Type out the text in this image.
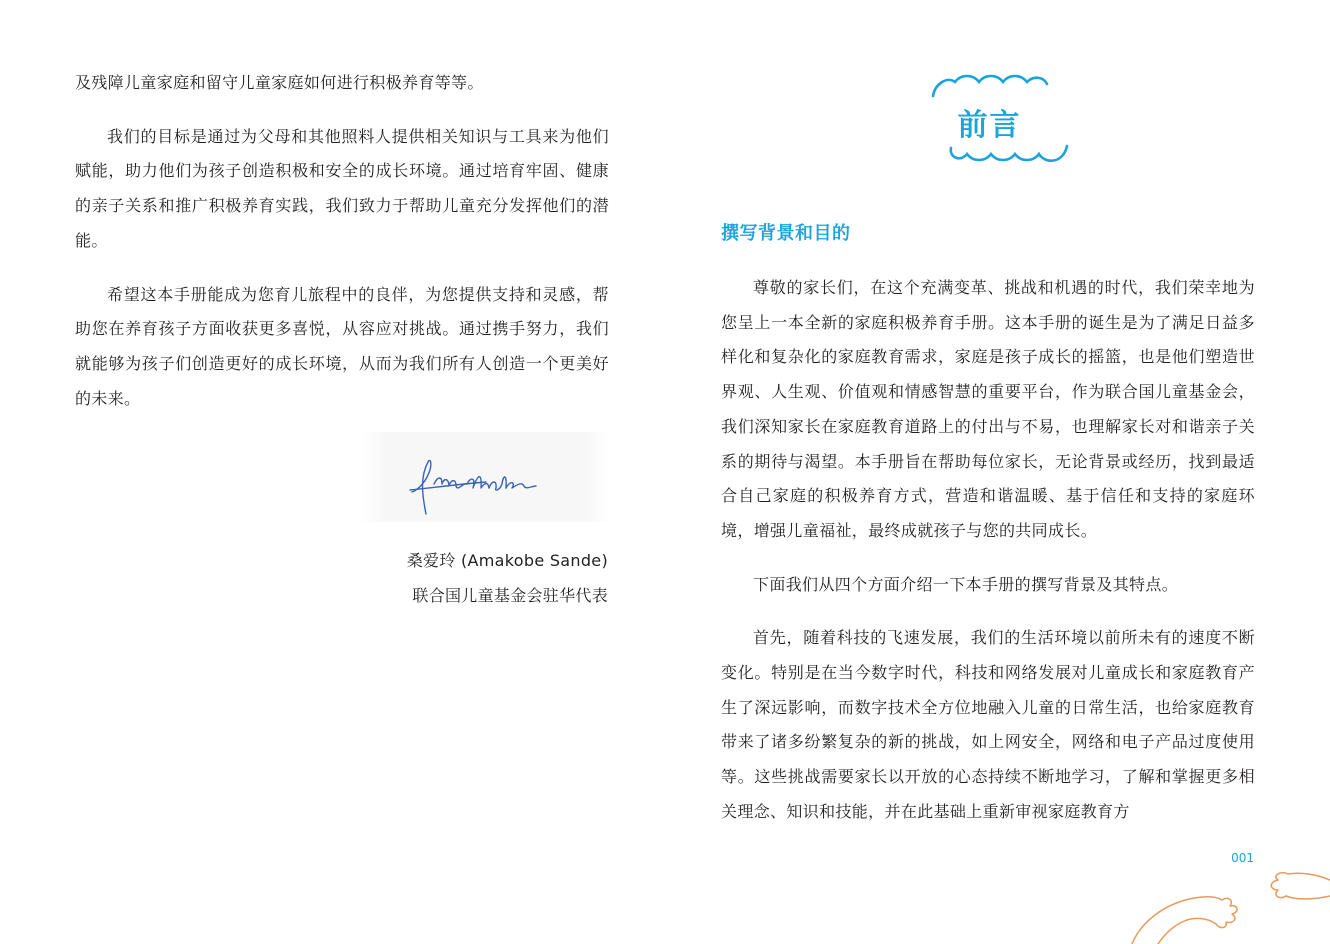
及残障儿童家庭和留守儿童家庭如何进行积极养育等等。

我们的目标是通过为父母和其他照料人提供相关知识与工具来为他们赋能，助力他们为孩子创造积极和安全的成长环境。通过培育牢固、健康的亲子关系和推广积极养育实践，我们致力于帮助儿童充分发挥他们的潜能。

希望这本手册能成为您育儿旅程中的良伴，为您提供支持和灵感，帮助您在养育孩子方面收获更多喜悦，从容应对挑战。通过携手努力，我们就能够为孩子们创造更好的成长环境，从而为我们所有人创造一个更美好的未来。

桑爱玲 (Amakobe Sande)
联合国儿童基金会驻华代表
前言
撰写背景和目的

尊敬的家长们，在这个充满变革、挑战和机遇的时代，我们荣幸地为您呈上一本全新的家庭积极养育手册。这本手册的诞生是为了满足日益多样化和复杂化的家庭教育需求，家庭是孩子成长的摇篮，也是他们塑造世界观、人生观、价值观和情感智慧的重要平台，作为联合国儿童基金会，我们深知家长在家庭教育道路上的付出与不易，也理解家长对和谐亲子关系的期待与渴望。本手册旨在帮助每位家长，无论背景或经历，找到最适合自己家庭的积极养育方式，营造和谐温暖、基于信任和支持的家庭环境，增强儿童福祉，最终成就孩子与您的共同成长。

下面我们从四个方面介绍一下本手册的撰写背景及其特点。

首先，随着科技的飞速发展，我们的生活环境以前所未有的速度不断变化。特别是在当今数字时代，科技和网络发展对儿童成长和家庭教育产生了深远影响，而数字技术全方位地融入儿童的日常生活，也给家庭教育带来了诸多纷繁复杂的新的挑战，如上网安全，网络和电子产品过度使用等。这些挑战需要家长以开放的心态持续不断地学习，了解和掌握更多相关理念、知识和技能，并在此基础上重新审视家庭教育方

001
